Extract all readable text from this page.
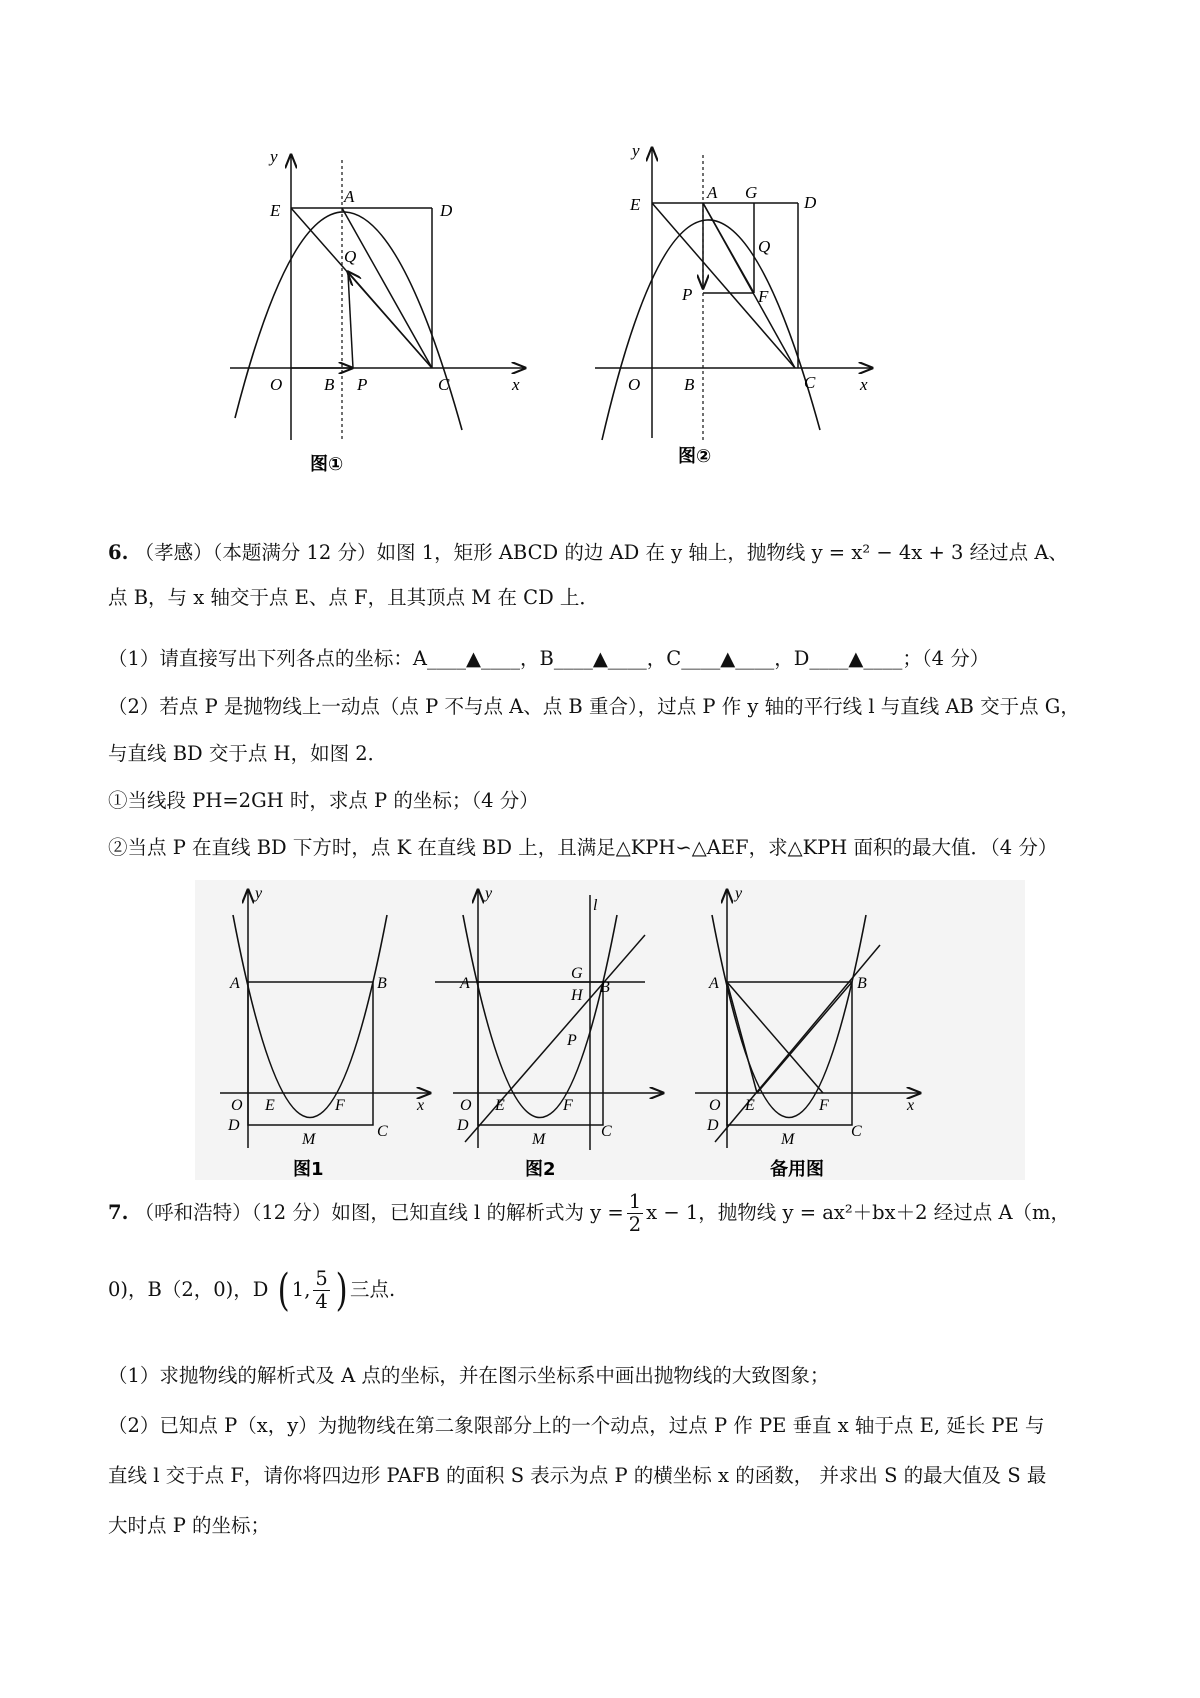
y
E
A
D
Q
O B P	C	x
图①
y
E
A G
D
Q
P	F
O	B	C	x
图②
6. （孝感）（本题满分 12 分）如图 1，矩形 ABCD 的边 AD 在 y 轴上，抛物线 y = x² − 4x + 3 经过点 A、
点 B，与 x 轴交于点 E、点 F，且其顶点 M 在 CD 上．
（1）请直接写出下列各点的坐标：A____▲____，B____▲____，C____▲____，D____▲____；（4 分）
（2）若点 P 是抛物线上一动点（点 P 不与点 A、点 B 重合），过点 P 作 y 轴的平行线 l 与直线 AB 交于点 G，
与直线 BD 交于点 H，如图 2．
①当线段 PH=2GH 时，求点 P 的坐标；（4 分）
②当点 P 在直线 BD 下方时，点 K 在直线 BD 上，且满足△KPH∽△AEF，求△KPH 面积的最大值．（4 分）
y
A	B
O E	F	x
D
M	C
图1
y
l
G
A
H B
P
O E	F
D
M	C
图2
y
A	B
O E	F	x
D
M	C
备用图
7. （呼和浩特）（12 分）如图，已知直线 l 的解析式为 $y = \frac{1}{2}$ x − 1，抛物线 y = ax²＋bx＋2 经过点 A（m，
0)，B（2，0)，D ( 1, $\frac{5}{4}$ ) 三点.
（1）求抛物线的解析式及 A 点的坐标，并在图示坐标系中画出抛物线的大致图象；
（2）已知点 P（x，y）为抛物线在第二象限部分上的一个动点，过点 P 作 PE 垂直 x 轴于点 E, 延长 PE 与
直线 l 交于点 F，请你将四边形 PAFB 的面积 S 表示为点 P 的横坐标 x 的函数， 并求出 S 的最大值及 S 最
大时点 P 的坐标；
